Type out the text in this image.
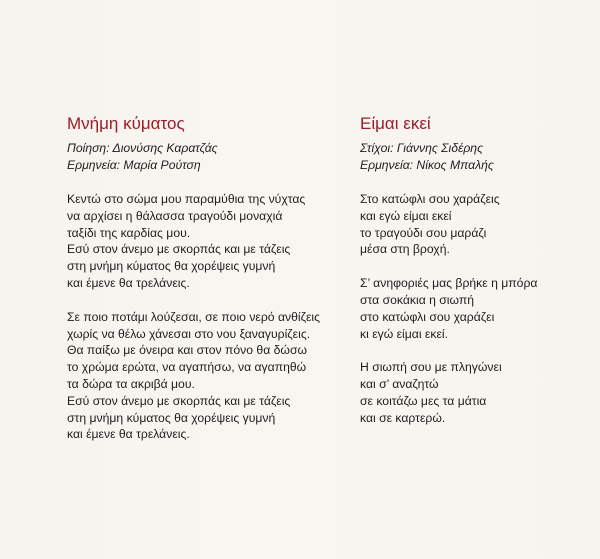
Μνήμη κύματος

Ποίηση: Διονύσης Καρατζάς

Ερμηνεία: Μαρία Ρούτση

Κεντώ στο σώμα μου παραμύθια της νύχτας

να αρχίσει η θάλασσα τραγούδι μοναχιά

ταξίδι της καρδίας μου.

Εσύ στον άνεμο με σκορπάς και με τάζεις

στη μνήμη κύματος θα χορέψεις γυμνή

και έμενε θα τρελάνεις.

Σε ποιο ποτάμι λούζεσαι, σε ποιο νερό ανθίζεις

χωρίς να θέλω χάνεσαι στο νου ξαναγυρίζεις.

Θα παίξω με όνειρα και στον πόνο θα δώσω

το χρώμα ερώτα, να αγαπήσω, να αγαπηθώ

τα δώρα τα ακριβά μου.

Εσύ στον άνεμο με σκορπάς και με τάζεις

στη μνήμη κύματος θα χορέψεις γυμνή

και έμενε θα τρελάνεις.

Είμαι εκεί

Στίχοι: Γιάννης Σιδέρης

Ερμηνεία: Νίκος Μπαλής

Στο κατώφλι σου χαράζεις

και εγώ είμαι εκεί

το τραγούδι σου μαράζι

μέσα στη βροχή.

Σ’ ανηφοριές μας βρήκε η μπόρα

στα σοκάκια η σιωπή

στο κατώφλι σου χαράζει

κι εγώ είμαι εκεί.

Η σιωπή σου με πληγώνει

και σ’ αναζητώ

σε κοιτάζω μες τα μάτια

και σε καρτερώ.
